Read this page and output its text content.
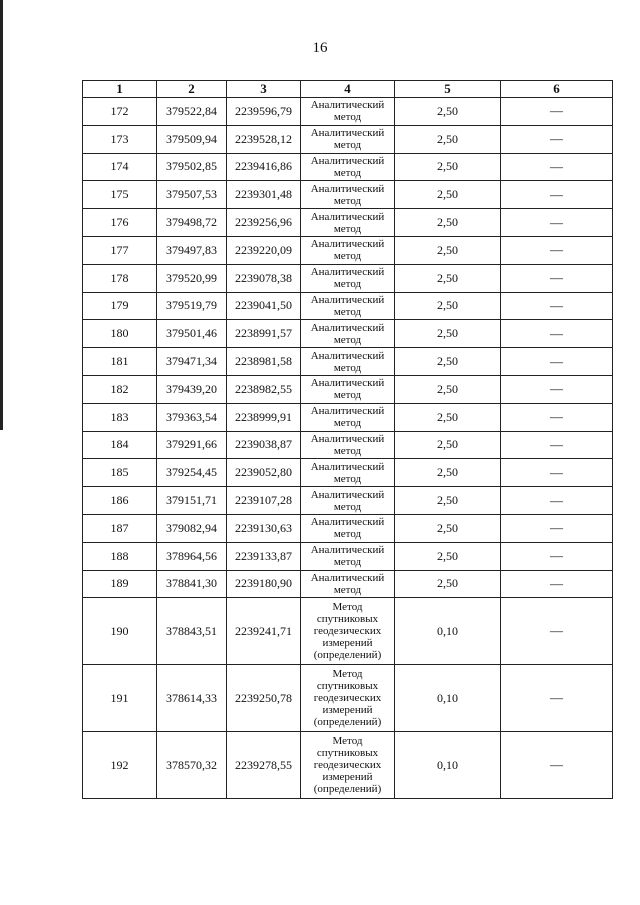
16
1	2	3	4	5	6
172	379522,84	2239596,79	Аналитический
метод	2,50	—
173	379509,94	2239528,12	Аналитический
метод	2,50	—
174	379502,85	2239416,86	Аналитический
метод	2,50	—
175	379507,53	2239301,48	Аналитический
метод	2,50	—
176	379498,72	2239256,96	Аналитический
метод	2,50	—
177	379497,83	2239220,09	Аналитический
метод	2,50	—
178	379520,99	2239078,38	Аналитический
метод	2,50	—
179	379519,79	2239041,50	Аналитический
метод	2,50	—
180	379501,46	2238991,57	Аналитический
метод	2,50	—
181	379471,34	2238981,58	Аналитический
метод	2,50	—
182	379439,20	2238982,55	Аналитический
метод	2,50	—
183	379363,54	2238999,91	Аналитический
метод	2,50	—
184	379291,66	2239038,87	Аналитический
метод	2,50	—
185	379254,45	2239052,80	Аналитический
метод	2,50	—
186	379151,71	2239107,28	Аналитический
метод	2,50	—
187	379082,94	2239130,63	Аналитический
метод	2,50	—
188	378964,56	2239133,87	Аналитический
метод	2,50	—
189	378841,30	2239180,90	Аналитический
метод	2,50	—
190	378843,51	2239241,71	Метод
спутниковых
геодезических
измерений
(определений)	0,10	—
191	378614,33	2239250,78	Метод
спутниковых
геодезических
измерений
(определений)	0,10	—
192	378570,32	2239278,55	Метод
спутниковых
геодезических
измерений
(определений)	0,10	—
